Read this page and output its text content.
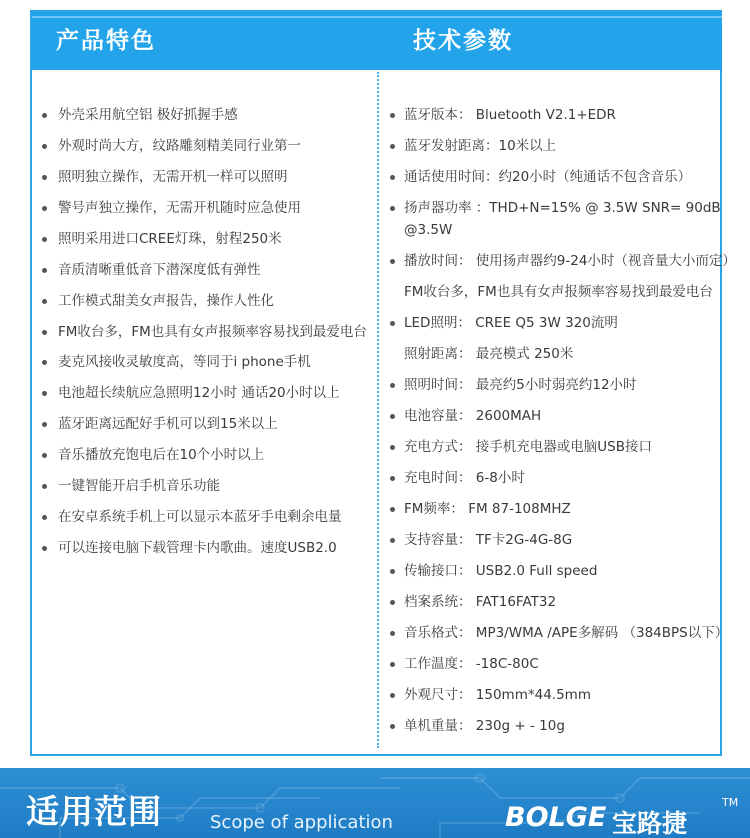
产品特色	技术参数
外壳采用航空铝 极好抓握手感
外观时尚大方，纹路雕刻精美同行业第一
照明独立操作，无需开机一样可以照明
警号声独立操作，无需开机随时应急使用
照明采用进口CREE灯珠，射程250米
音质清晰重低音下潜深度低有弹性
工作模式甜美女声报告，操作人性化
FM收台多，FM也具有女声报频率容易找到最爱电台
麦克风接收灵敏度高，等同于i phone手机
电池超长续航应急照明12小时 通话20小时以上
蓝牙距离远配好手机可以到15米以上
音乐播放充饱电后在10个小时以上
一键智能开启手机音乐功能
在安卓系统手机上可以显示本蓝牙手电剩余电量
可以连接电脑下载管理卡内歌曲。速度USB2.0
蓝牙版本： Bluetooth V2.1+EDR
蓝牙发射距离：10米以上
通话使用时间：约20小时（纯通话不包含音乐）
扬声器功率 ：THD+N=15% @ 3.5W SNR= 90dB @3.5W
播放时间： 使用扬声器约9-24小时（视音量大小而定）
FM收台多，FM也具有女声报频率容易找到最爱电台
LED照明： CREE Q5 3W 320流明
照射距离： 最亮模式 250米
照明时间： 最亮约5小时弱亮约12小时
电池容量： 2600MAH
充电方式： 接手机充电器或电脑USB接口
充电时间： 6-8小时
FM频率： FM 87-108MHZ
支持容量： TF卡2G-4G-8G
传输接口： USB2.0 Full speed
档案系统： FAT16FAT32
音乐格式： MP3/WMA /APE多解码 （384BPS以下）
工作温度： -18C-80C
外观尺寸： 150mm*44.5mm
单机重量： 230g + - 10g
适用范围	Scope of application	BOLGE 宝路捷
TM
